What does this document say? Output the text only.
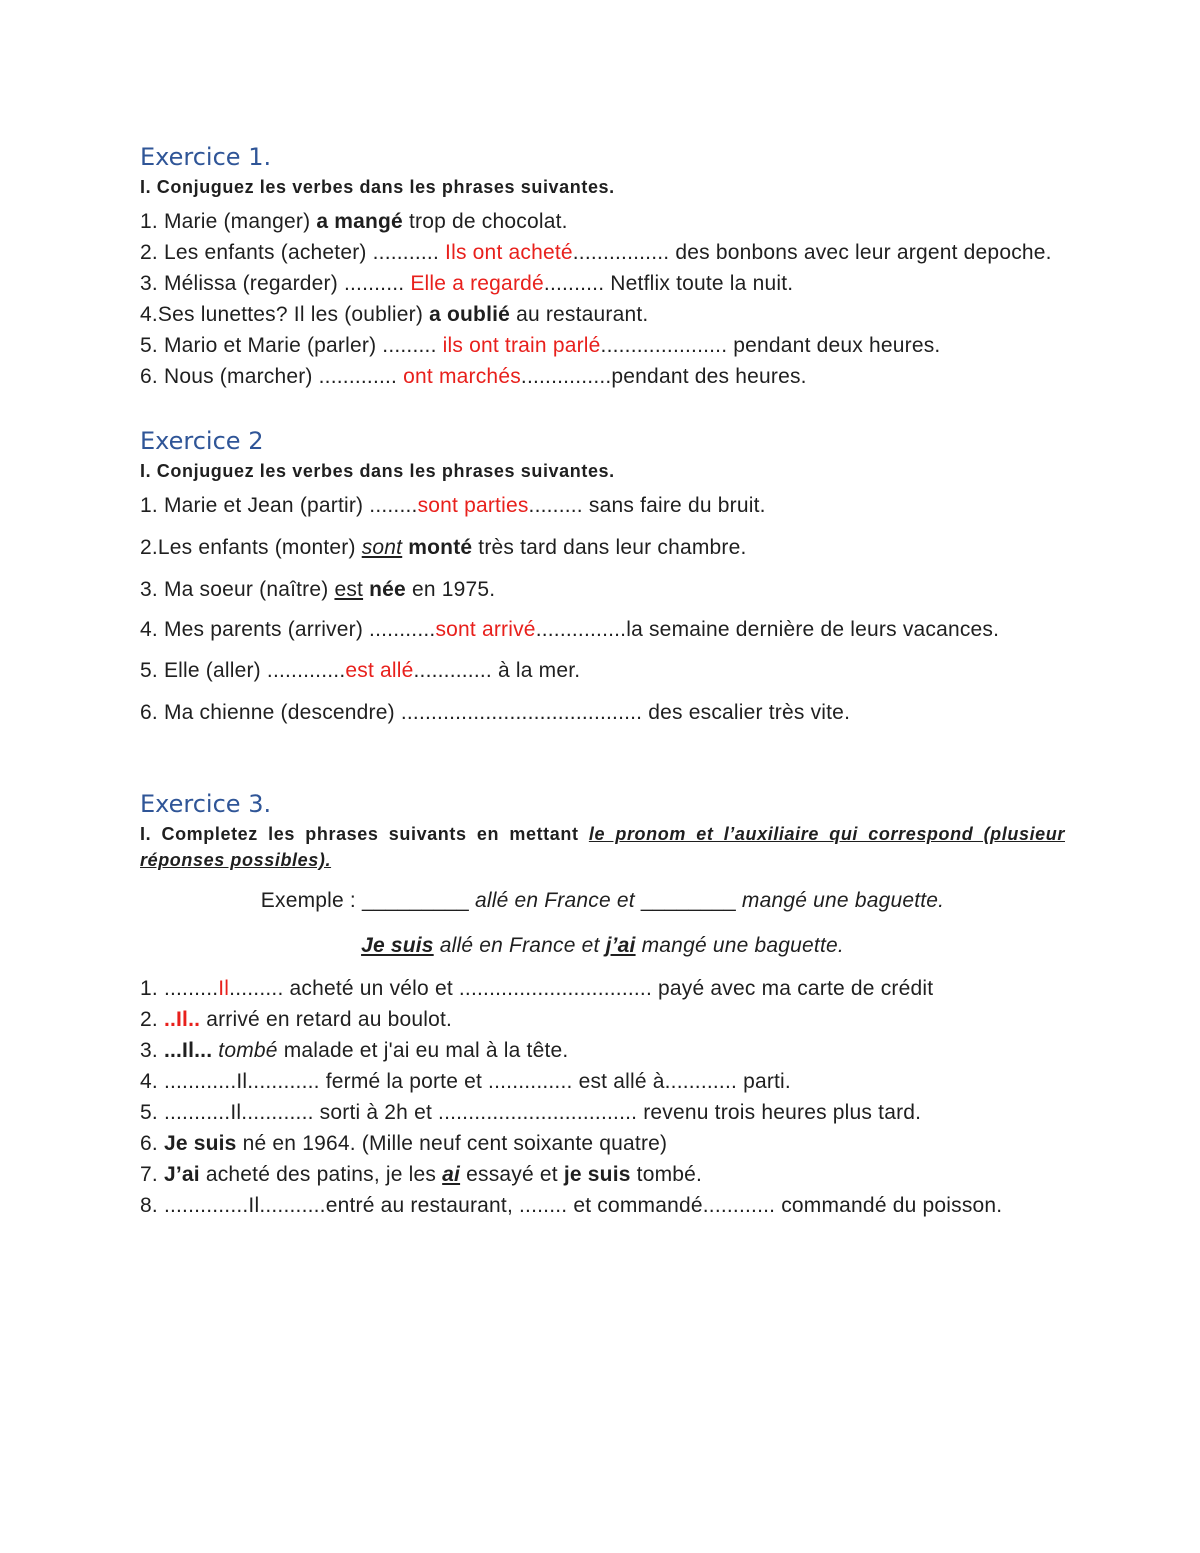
Exercice 1.

I. Conjuguez les verbes dans les phrases suivantes.

1. Marie (manger) a mangé trop de chocolat.

2. Les enfants (acheter) ........... Ils ont acheté................ des bonbons avec leur argent depoche.

3. Mélissa (regarder) .......... Elle a regardé.......... Netflix toute la nuit.

4.Ses lunettes? Il les (oublier) a oublié au restaurant.

5. Mario et Marie (parler) ......... ils ont train parlé..................... pendant deux heures.

6. Nous (marcher) ............. ont marchés...............pendant des heures.

Exercice 2

I. Conjuguez les verbes dans les phrases suivantes.

1. Marie et Jean (partir) ........sont parties......... sans faire du bruit.

2.Les enfants (monter) sont monté très tard dans leur chambre.

3. Ma soeur (naître) est née en 1975.

4. Mes parents (arriver) ...........sont arrivé...............la semaine dernière de leurs vacances.

5. Elle (aller) .............est allé............. à la mer.

6. Ma chienne (descendre) ........................................ des escalier très vite.

Exercice 3.

I. Completez les phrases suivants en mettant le pronom et l’auxiliaire qui correspond (plusieur réponses possibles).

Exemple : _________ allé en France et ________ mangé une baguette.

Je suis allé en France et j’ai mangé une baguette.

1. .........Il......... acheté un vélo et ................................ payé avec ma carte de crédit

2. ..Il.. arrivé en retard au boulot.

3. ...Il... tombé malade et j'ai eu mal à la tête.

4. ............Il............ fermé la porte et .............. est allé à............ parti.

5. ...........Il............ sorti à 2h et ................................. revenu trois heures plus tard.

6. Je suis né en 1964. (Mille neuf cent soixante quatre)

7. J’ai acheté des patins, je les ai essayé et je suis tombé.

8. ..............Il...........entré au restaurant, ........ et commandé............ commandé du poisson.
